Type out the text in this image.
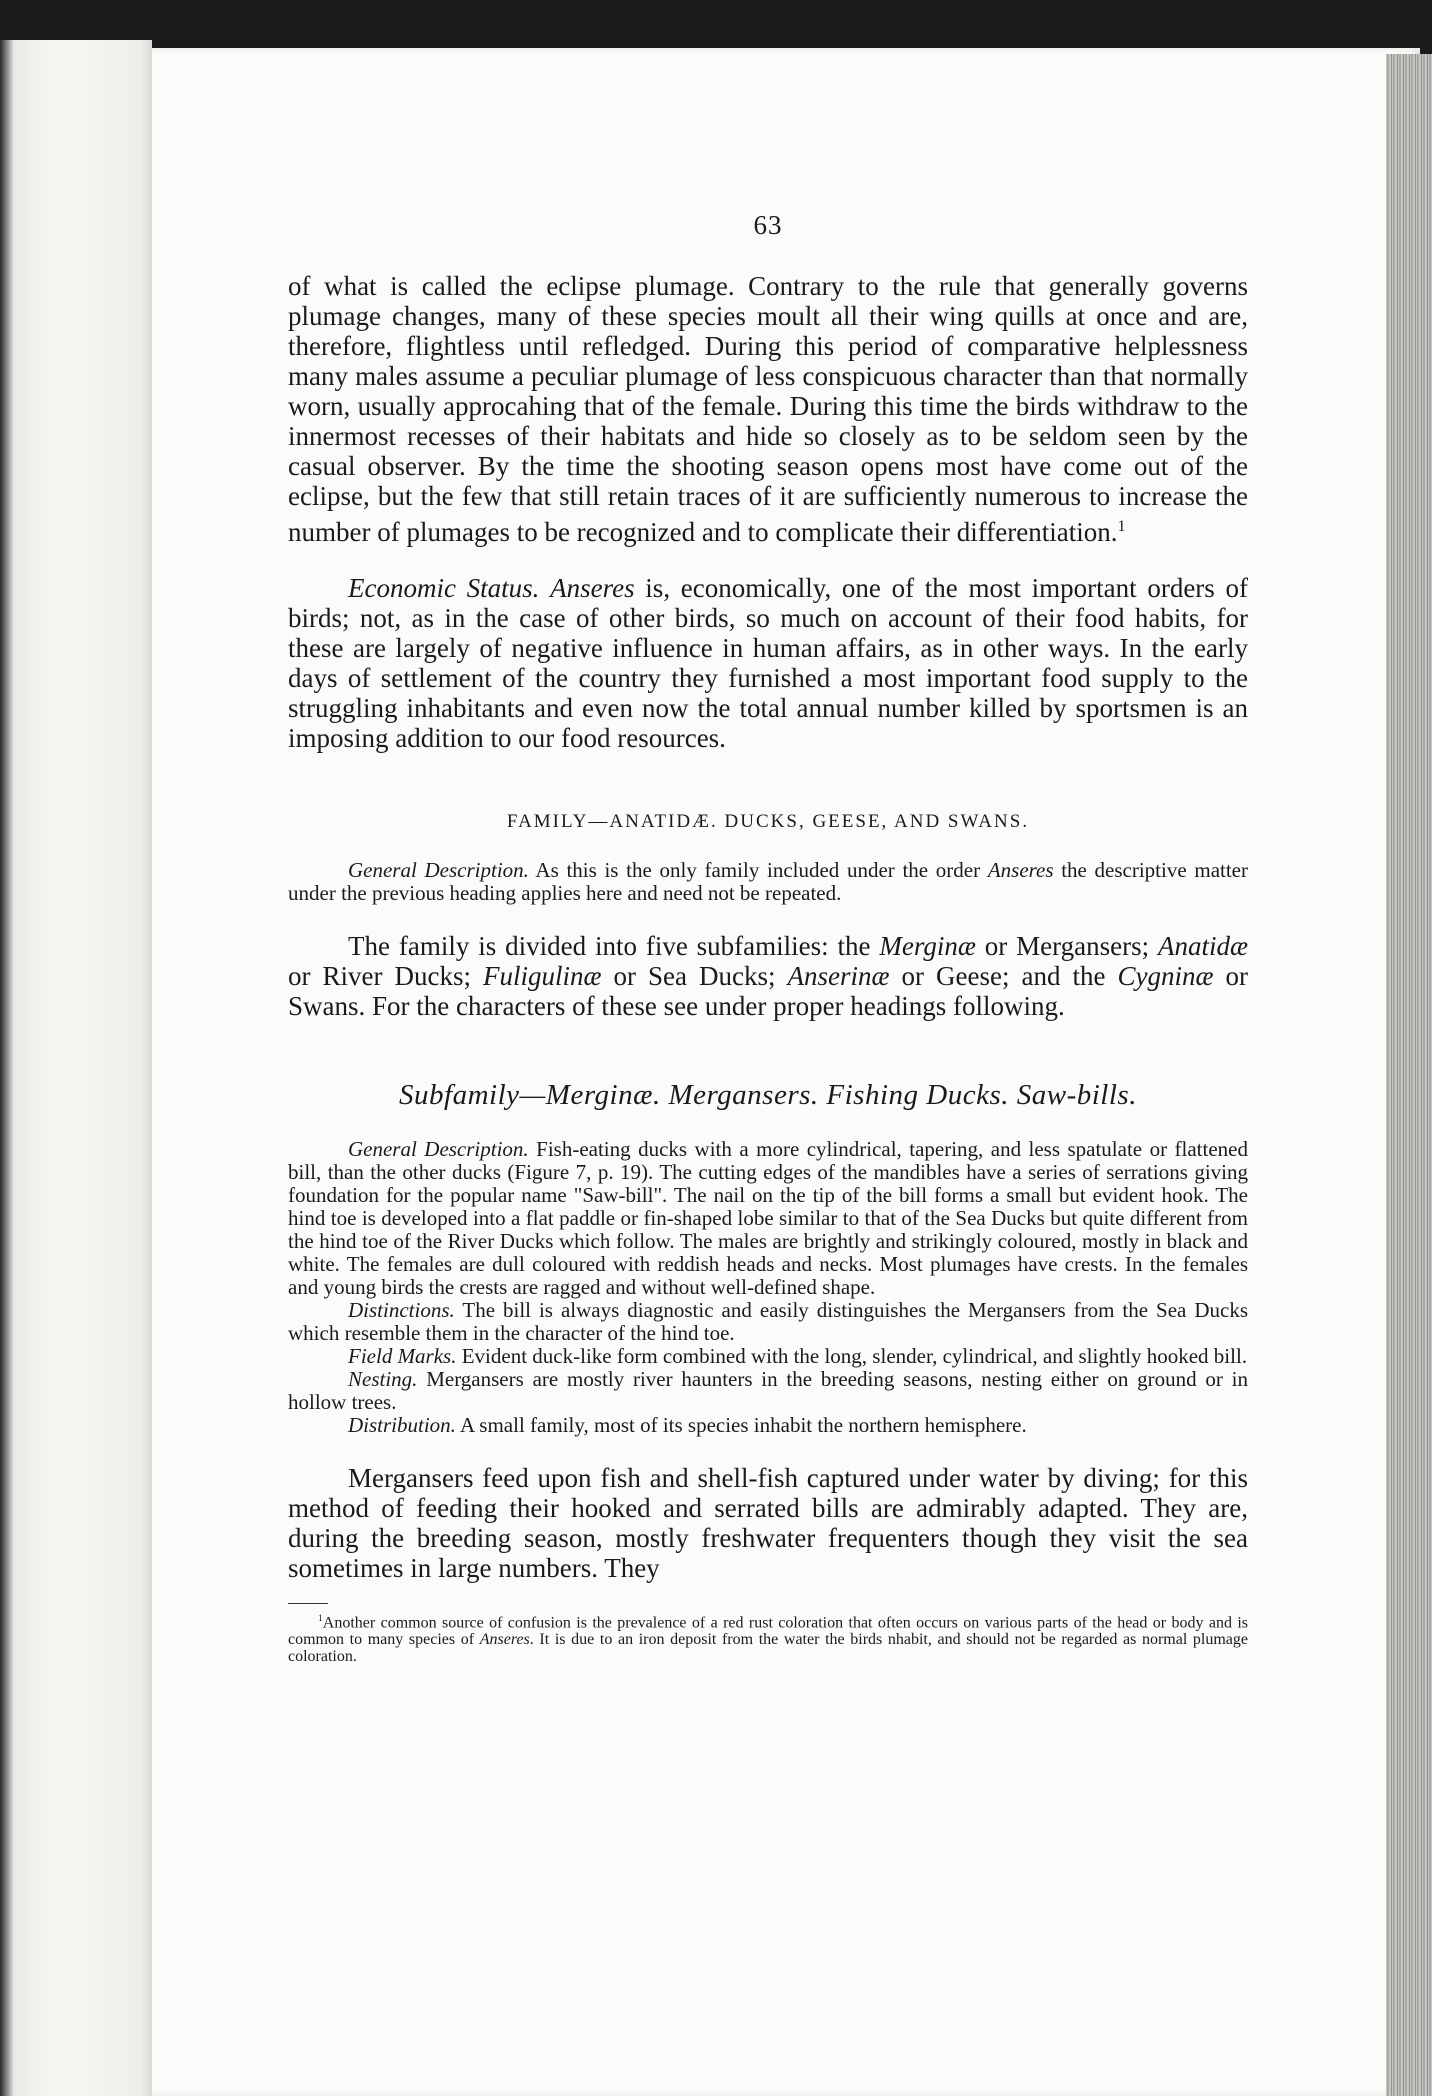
63

of what is called the eclipse plumage. Contrary to the rule that generally governs plumage changes, many of these species moult all their wing quills at once and are, therefore, flightless until refledged. During this period of comparative helplessness many males assume a peculiar plumage of less conspicuous character than that normally worn, usually approcahing that of the female. During this time the birds withdraw to the innermost recesses of their habitats and hide so closely as to be seldom seen by the casual observer. By the time the shooting season opens most have come out of the eclipse, but the few that still retain traces of it are sufficiently numerous to increase the number of plumages to be recognized and to complicate their differentiation.$^1$

Economic Status. Anseres is, economically, one of the most important orders of birds; not, as in the case of other birds, so much on account of their food habits, for these are largely of negative influence in human affairs, as in other ways. In the early days of settlement of the country they furnished a most important food supply to the struggling inhabitants and even now the total annual number killed by sportsmen is an imposing addition to our food resources.

FAMILY—ANATIDÆ. DUCKS, GEESE, AND SWANS.

General Description. As this is the only family included under the order Anseres the descriptive matter under the previous heading applies here and need not be repeated.

The family is divided into five subfamilies: the Merginæ or Mergansers; Anatidæ or River Ducks; Fuligulinæ or Sea Ducks; Anserinæ or Geese; and the Cygninæ or Swans. For the characters of these see under proper headings following.

Subfamily—Merginæ. Mergansers. Fishing Ducks. Saw-bills.

General Description. Fish-eating ducks with a more cylindrical, tapering, and less spatulate or flattened bill, than the other ducks (Figure 7, p. 19). The cutting edges of the mandibles have a series of serrations giving foundation for the popular name "Saw-bill". The nail on the tip of the bill forms a small but evident hook. The hind toe is developed into a flat paddle or fin-shaped lobe similar to that of the Sea Ducks but quite different from the hind toe of the River Ducks which follow. The males are brightly and strikingly coloured, mostly in black and white. The females are dull coloured with reddish heads and necks. Most plumages have crests. In the females and young birds the crests are ragged and without well-defined shape.

Distinctions. The bill is always diagnostic and easily distinguishes the Mergansers from the Sea Ducks which resemble them in the character of the hind toe.

Field Marks. Evident duck-like form combined with the long, slender, cylindrical, and slightly hooked bill.

Nesting. Mergansers are mostly river haunters in the breeding seasons, nesting either on ground or in hollow trees.

Distribution. A small family, most of its species inhabit the northern hemisphere.

Mergansers feed upon fish and shell-fish captured under water by diving; for this method of feeding their hooked and serrated bills are admirably adapted. They are, during the breeding season, mostly freshwater frequenters though they visit the sea sometimes in large numbers. They

$^1$Another common source of confusion is the prevalence of a red rust coloration that often occurs on various parts of the head or body and is common to many species of Anseres. It is due to an iron deposit from the water the birds nhabit, and should not be regarded as normal plumage coloration.
